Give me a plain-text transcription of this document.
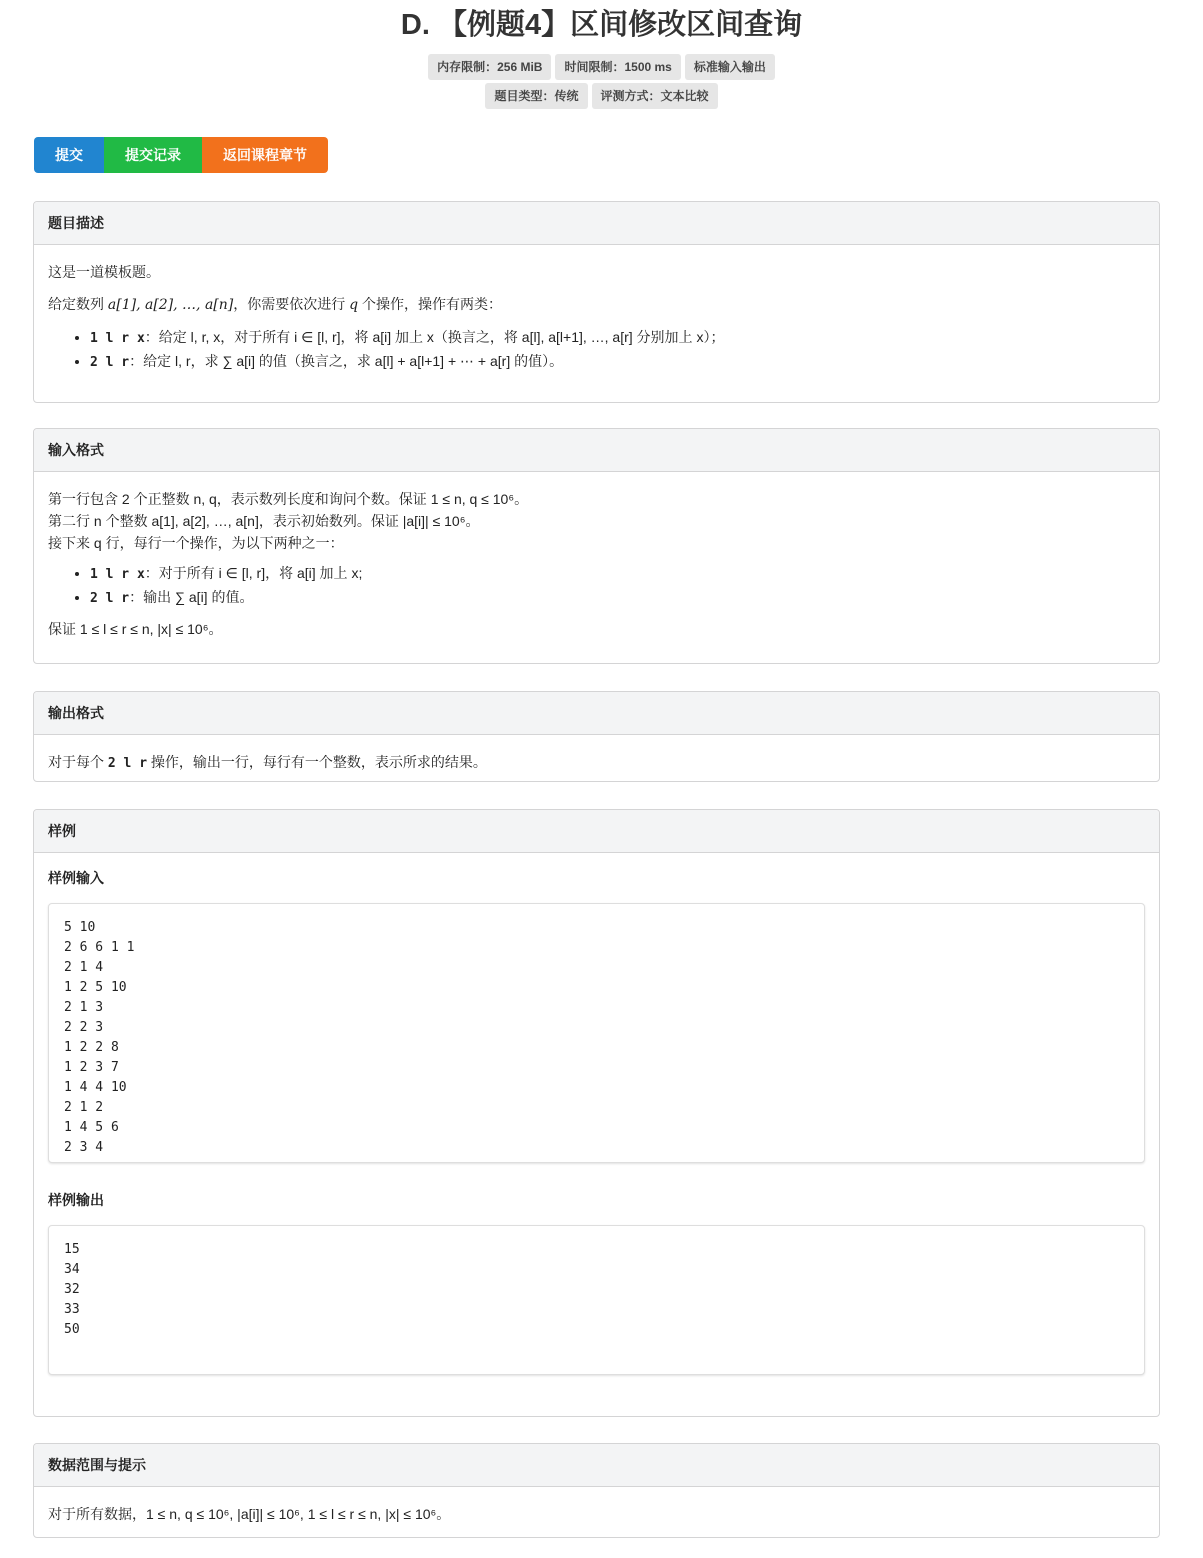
D. 【例题4】区间修改区间查询
内存限制：256 MiB 时间限制：1500 ms 标准输入输出
题目类型：传统 评测方式：文本比较
提交	提交记录	返回课程章节
题目描述

这是一道模板题。

给定数列 a[1], a[2], …, a[n]，你需要依次进行 q 个操作，操作有两类：

• 1 l r x：给定 l, r, x，对于所有 i ∈ [l, r]，将 a[i] 加上 x（换言之，将 a[l], a[l+1], …, a[r] 分别加上 x）；
• 2 l r：给定 l, r，求 ∑ a[i] 的值（换言之，求 a[l] + a[l+1] + ⋯ + a[r] 的值）。
输入格式
第一行包含 2 个正整数 n, q，表示数列长度和询问个数。保证 1 ≤ n, q ≤ 10⁶。
第二行 n 个整数 a[1], a[2], …, a[n]，表示初始数列。保证 |a[i]| ≤ 10⁶。
接下来 q 行，每行一个操作，为以下两种之一：
• 1 l r x：对于所有 i ∈ [l, r]，将 a[i] 加上 x;
• 2 l r：输出 ∑ a[i] 的值。
保证 1 ≤ l ≤ r ≤ n, |x| ≤ 10⁶。
输出格式
对于每个 2 l r 操作，输出一行，每行有一个整数，表示所求的结果。
样例
样例输入
5 10
2 6 6 1 1
2 1 4
1 2 5 10
2 1 3
2 2 3
1 2 2 8
1 2 3 7
1 4 4 10
2 1 2
1 4 5 6
2 3 4

样例输出
15
34
32
33
50

数据范围与提示
对于所有数据，1 ≤ n, q ≤ 10⁶, |a[i]| ≤ 10⁶, 1 ≤ l ≤ r ≤ n, |x| ≤ 10⁶。
